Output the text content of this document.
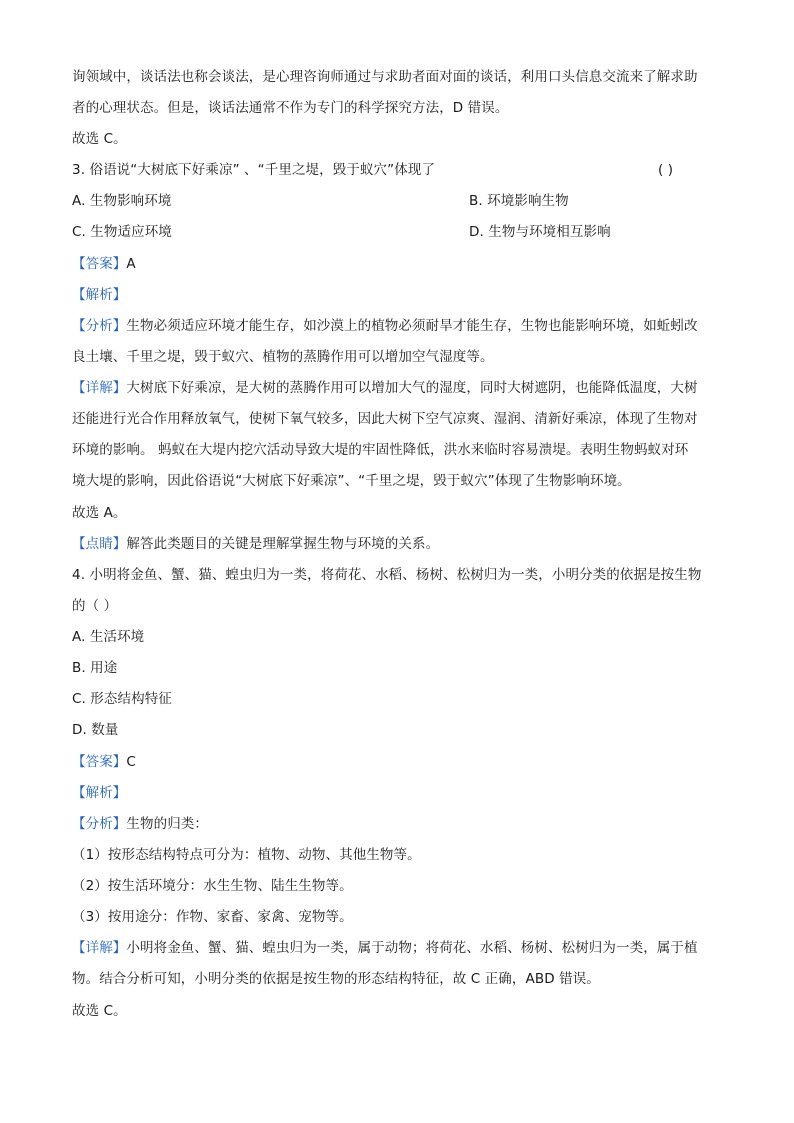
询领域中，谈话法也称会谈法，是心理咨询师通过与求助者面对面的谈话，利用口头信息交流来了解求助
者的心理状态。但是，谈话法通常不作为专门的科学探究方法，D 错误。
故选 C。
3. 俗语说“大树底下好乘凉” 、“千里之堤，毁于蚁穴”体现了	( )
A. 生物影响环境	B. 环境影响生物
C. 生物适应环境	D. 生物与环境相互影响
【答案】A
【解析】
【分析】生物必须适应环境才能生存，如沙漠上的植物必须耐旱才能生存，生物也能影响环境，如蚯蚓改
良土壤、千里之堤，毁于蚁穴、植物的蒸腾作用可以增加空气湿度等。
【详解】大树底下好乘凉，是大树的蒸腾作用可以增加大气的湿度，同时大树遮阴，也能降低温度，大树
还能进行光合作用释放氧气，使树下氧气较多，因此大树下空气凉爽、湿润、清新好乘凉，体现了生物对
环境的影响。 蚂蚁在大堤内挖穴活动导致大堤的牢固性降低，洪水来临时容易溃堤。表明生物蚂蚁对环
境大堤的影响，因此俗语说“大树底下好乘凉”、“千里之堤，毁于蚁穴”体现了生物影响环境。
故选 A。
【点睛】解答此类题目的关键是理解掌握生物与环境的关系。
4. 小明将金鱼、蟹、猫、蝗虫归为一类，将荷花、水稻、杨树、松树归为一类，小明分类的依据是按生物
的（ ）
A. 生活环境
B. 用途
C. 形态结构特征
D. 数量
【答案】C
【解析】
【分析】生物的归类：
（1）按形态结构特点可分为：植物、动物、其他生物等。
（2）按生活环境分：水生生物、陆生生物等。
（3）按用途分：作物、家畜、家禽、宠物等。
【详解】小明将金鱼、蟹、猫、蝗虫归为一类，属于动物；将荷花、水稻、杨树、松树归为一类，属于植
物。结合分析可知，小明分类的依据是按生物的形态结构特征，故 C 正确，ABD 错误。
故选 C。
